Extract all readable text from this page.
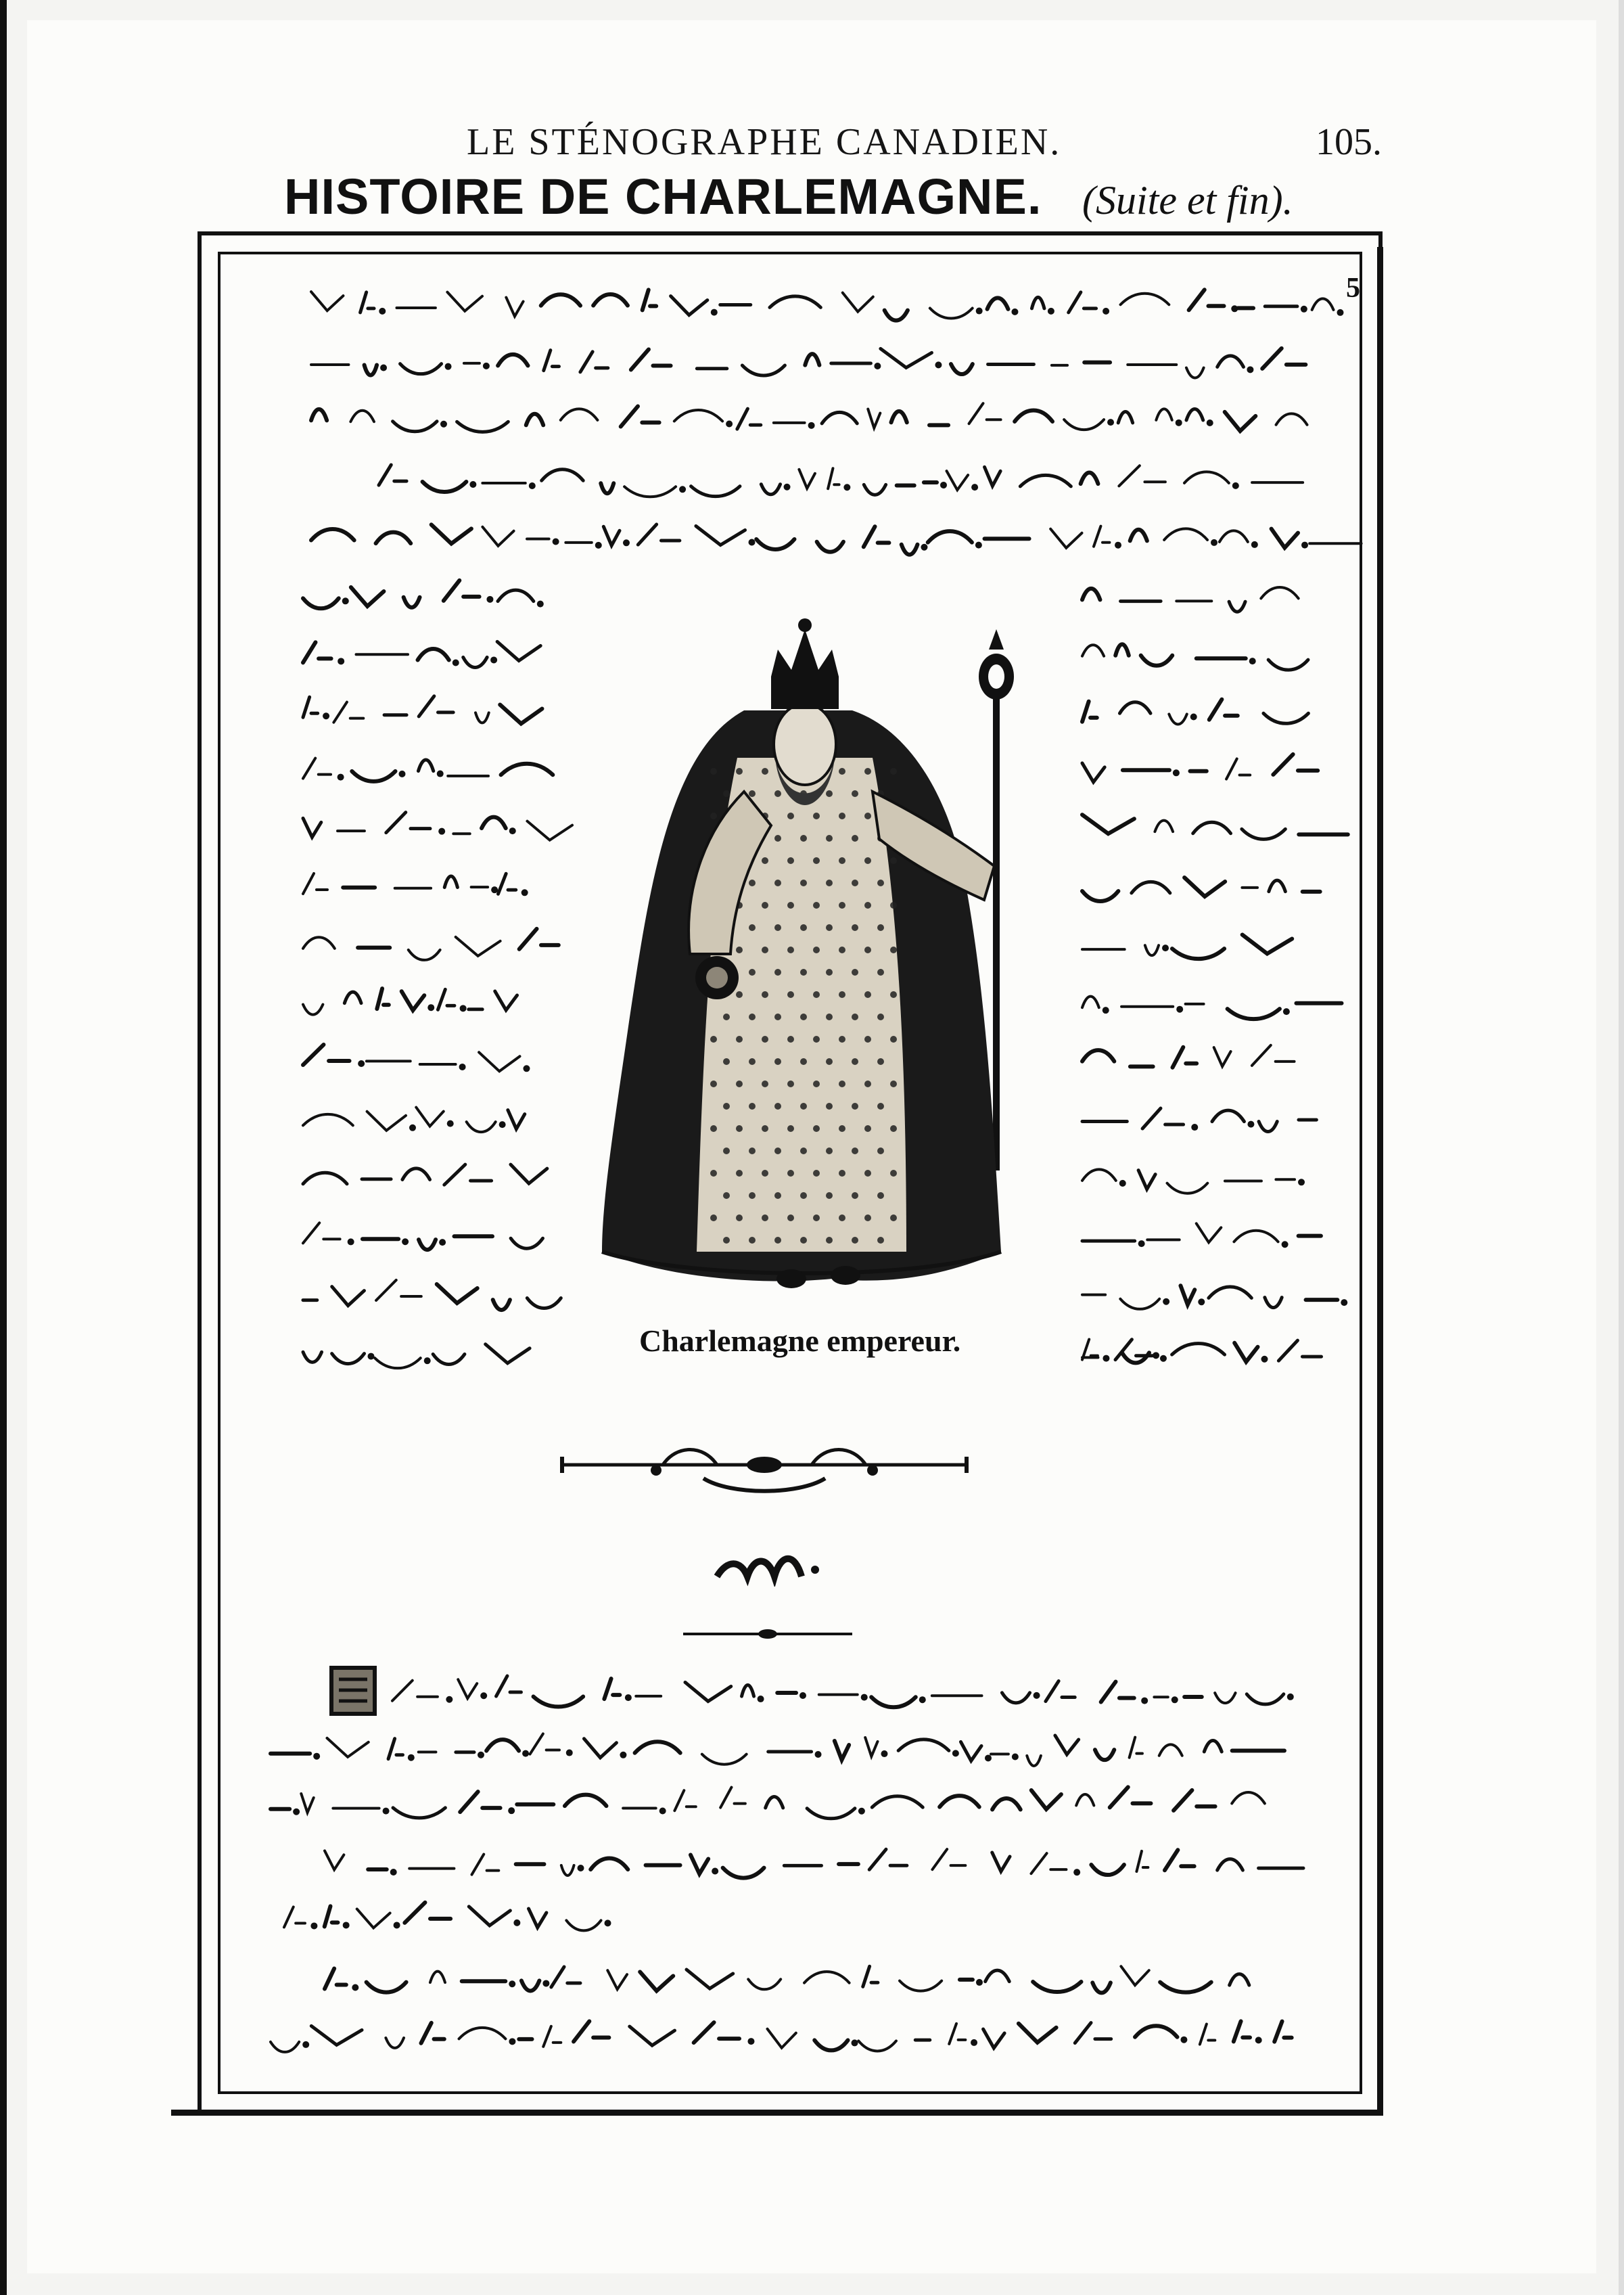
LE STÉNOGRAPHE CANADIEN.	105.
HISTOIRE DE CHARLEMAGNE. (Suite et fin).
5
Charlemagne empereur.
